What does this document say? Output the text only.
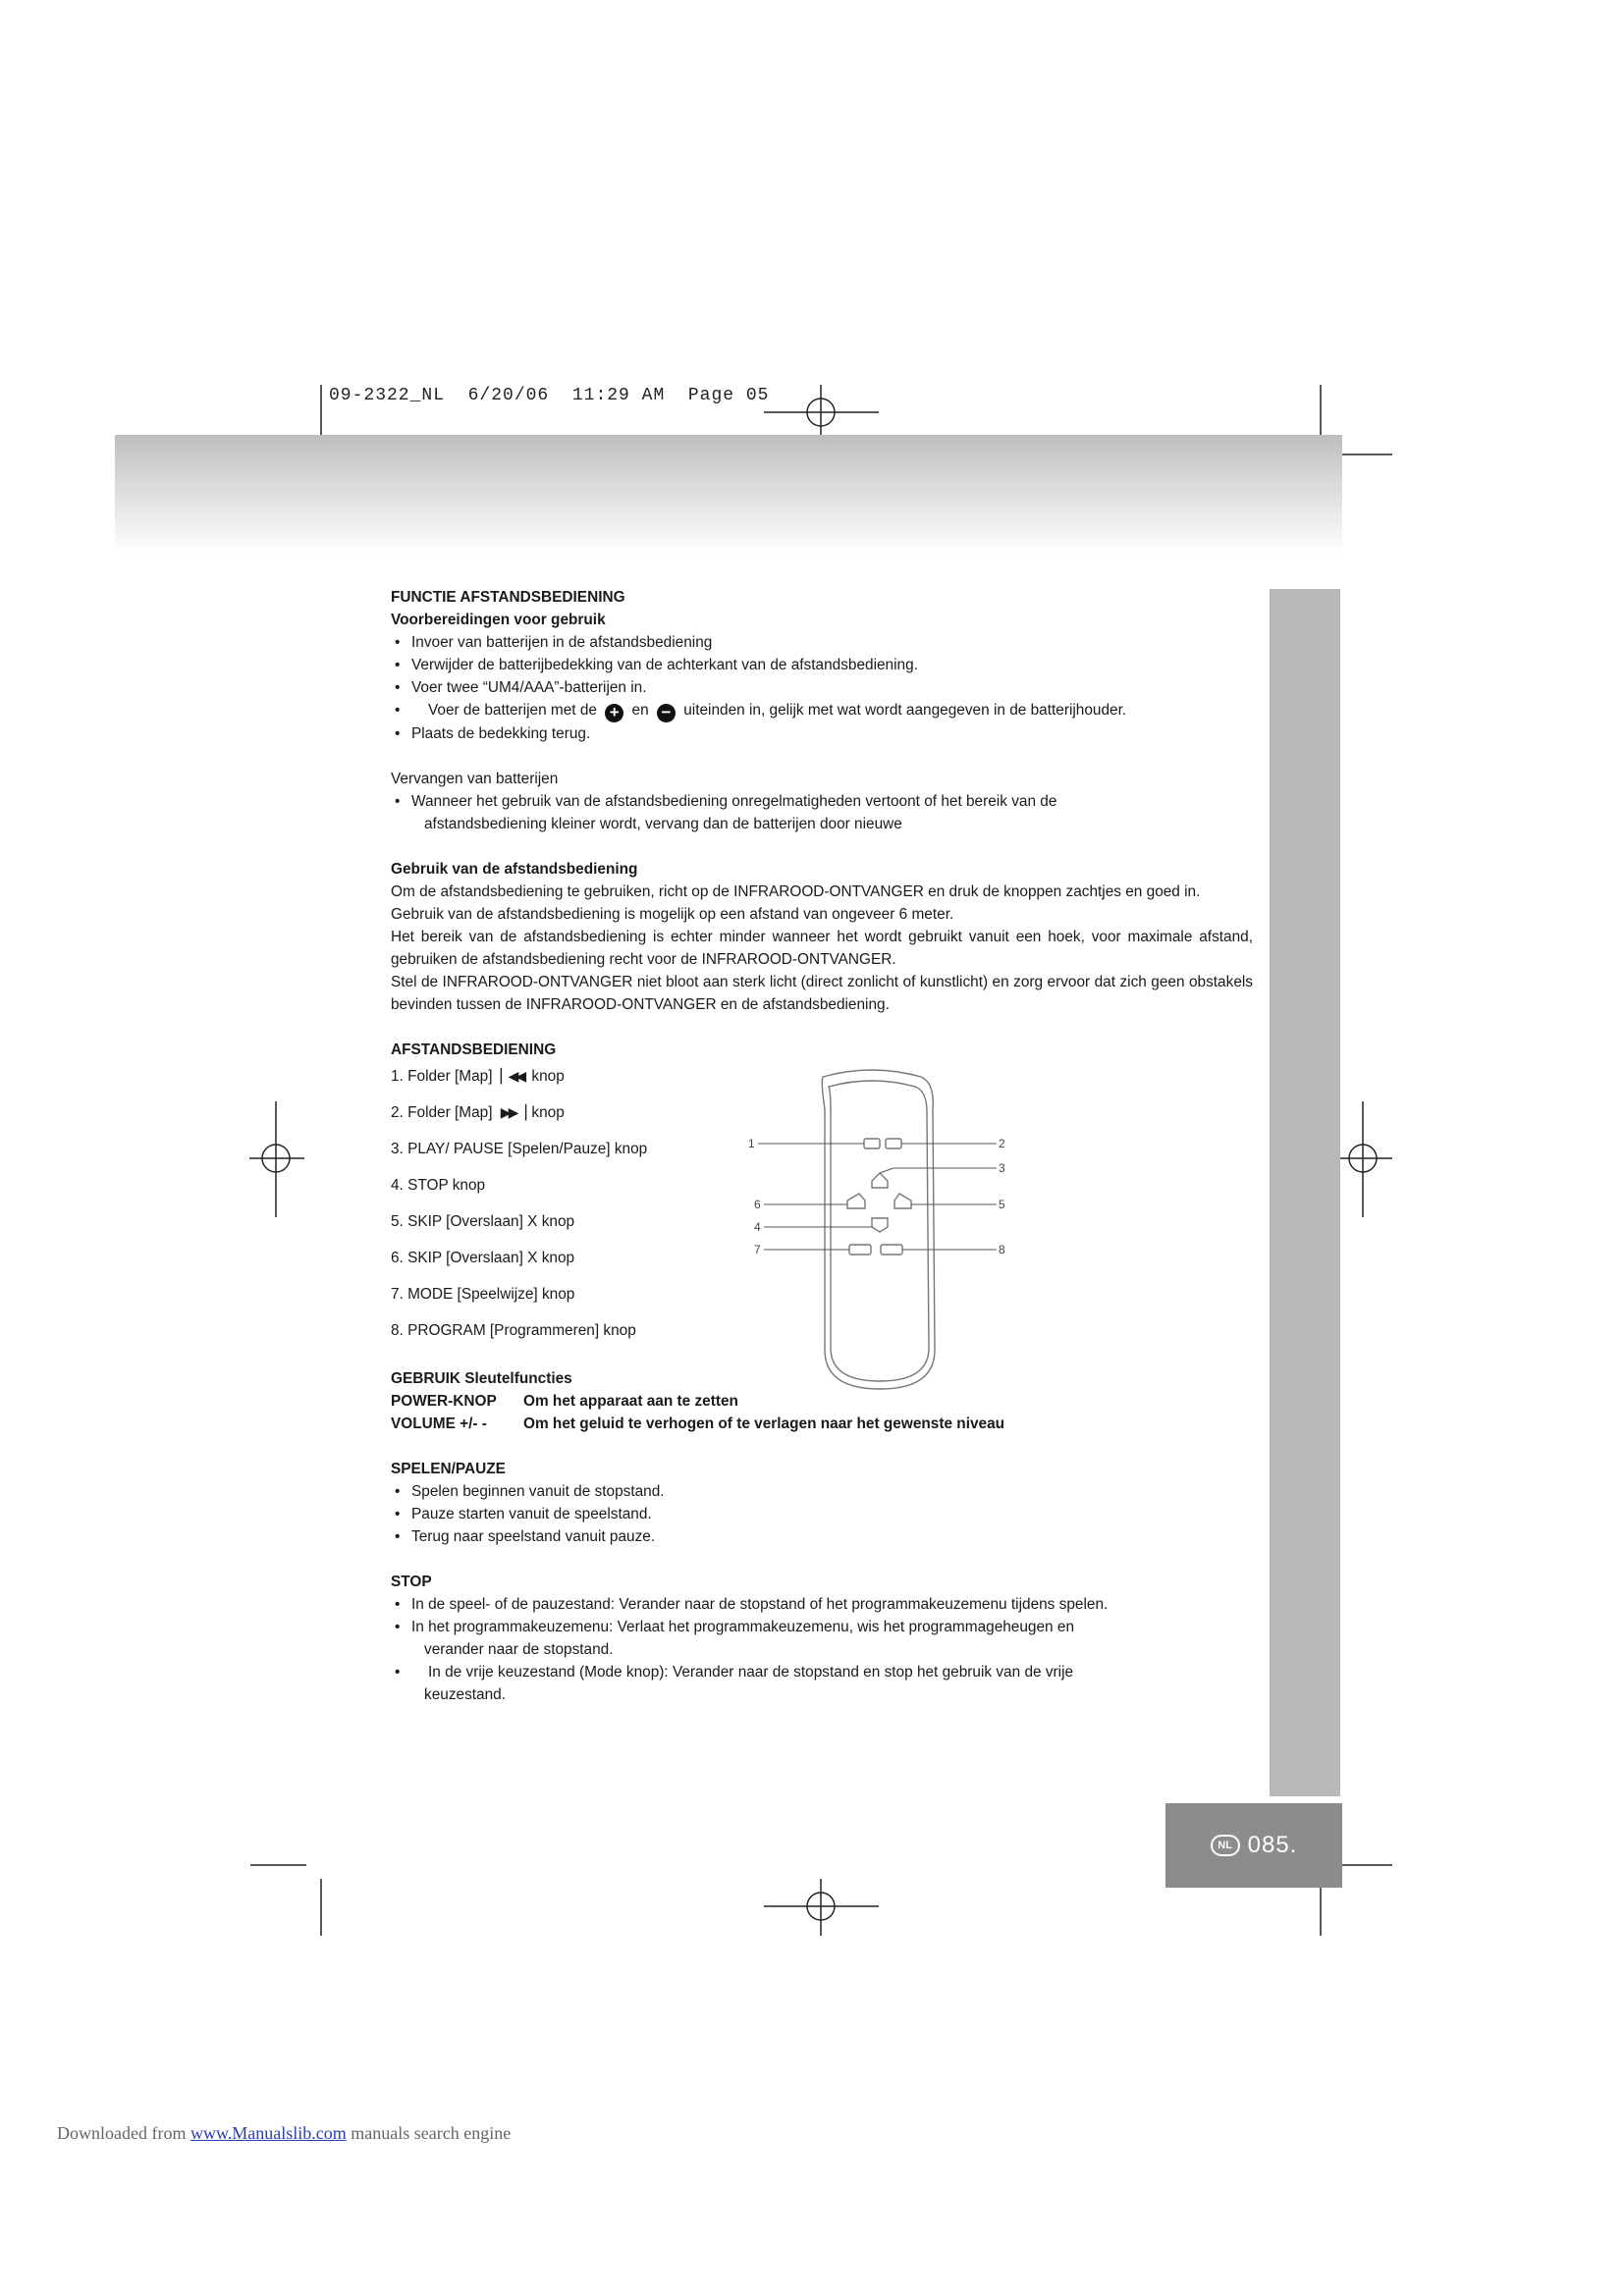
09-2322_NL  6/20/06  11:29 AM  Page 05
NL 085.

FUNCTIE AFSTANDSBEDIENING

Voorbereidingen voor gebruik

• Invoer van batterijen in de afstandsbediening
• Verwijder de batterijbedekking van de achterkant van de afstandsbediening.
• Voer twee “UM4/AAA”-batterijen in.
•	Voer de batterijen met de + en − uiteinden in, gelijk met wat wordt aangegeven in de batterijhouder.
• Plaats de bedekking terug.

Vervangen van batterijen

• Wanneer het gebruik van de afstandsbediening onregelmatigheden vertoont of het bereik van de

afstandsbediening kleiner wordt, vervang dan de batterijen door nieuwe

Gebruik van de afstandsbediening

Om de afstandsbediening te gebruiken, richt op de INFRAROOD-ONTVANGER en druk de knoppen zachtjes en goed in.

Gebruik van de afstandsbediening is mogelijk op een afstand van ongeveer 6 meter.

Het bereik van de afstandsbediening is echter minder wanneer het wordt gebruikt vanuit een hoek, voor maximale afstand, gebruiken de afstandsbediening recht voor de INFRAROOD-ONTVANGER.

Stel de INFRAROOD-ONTVANGER niet bloot aan sterk licht (direct zonlicht of kunstlicht) en zorg ervoor dat zich geen obstakels bevinden tussen de INFRAROOD-ONTVANGER en de afstandsbediening.

AFSTANDSBEDIENING

1. Folder [Map] ▏◀◀ knop
2. Folder [Map] ▶▶▕ knop
3. PLAY/ PAUSE [Spelen/Pauze] knop
4. STOP knop
5. SKIP [Overslaan] X knop
6. SKIP [Overslaan] X knop
7. MODE [Speelwijze] knop
8. PROGRAM [Programmeren] knop

GEBRUIK Sleutelfuncties

POWER-KNOP	Om het apparaat aan te zetten
VOLUME +/- -	Om het geluid te verhogen of te verlagen naar het gewenste niveau

SPELEN/PAUZE

• Spelen beginnen vanuit de stopstand.
• Pauze starten vanuit de speelstand.
• Terug naar speelstand vanuit pauze.

STOP

• In de speel- of de pauzestand: Verander naar de stopstand of het programmakeuzemenu tijdens spelen.
• In het programmakeuzemenu: Verlaat het programmakeuzemenu, wis het programmageheugen en

verander naar de stopstand.

•	In de vrije keuzestand (Mode knop): Verander naar de stopstand en stop het gebruik van de vrije

keuzestand.

1	2
3
6	5
4
7	8
Downloaded from www.Manualslib.com manuals search engine
